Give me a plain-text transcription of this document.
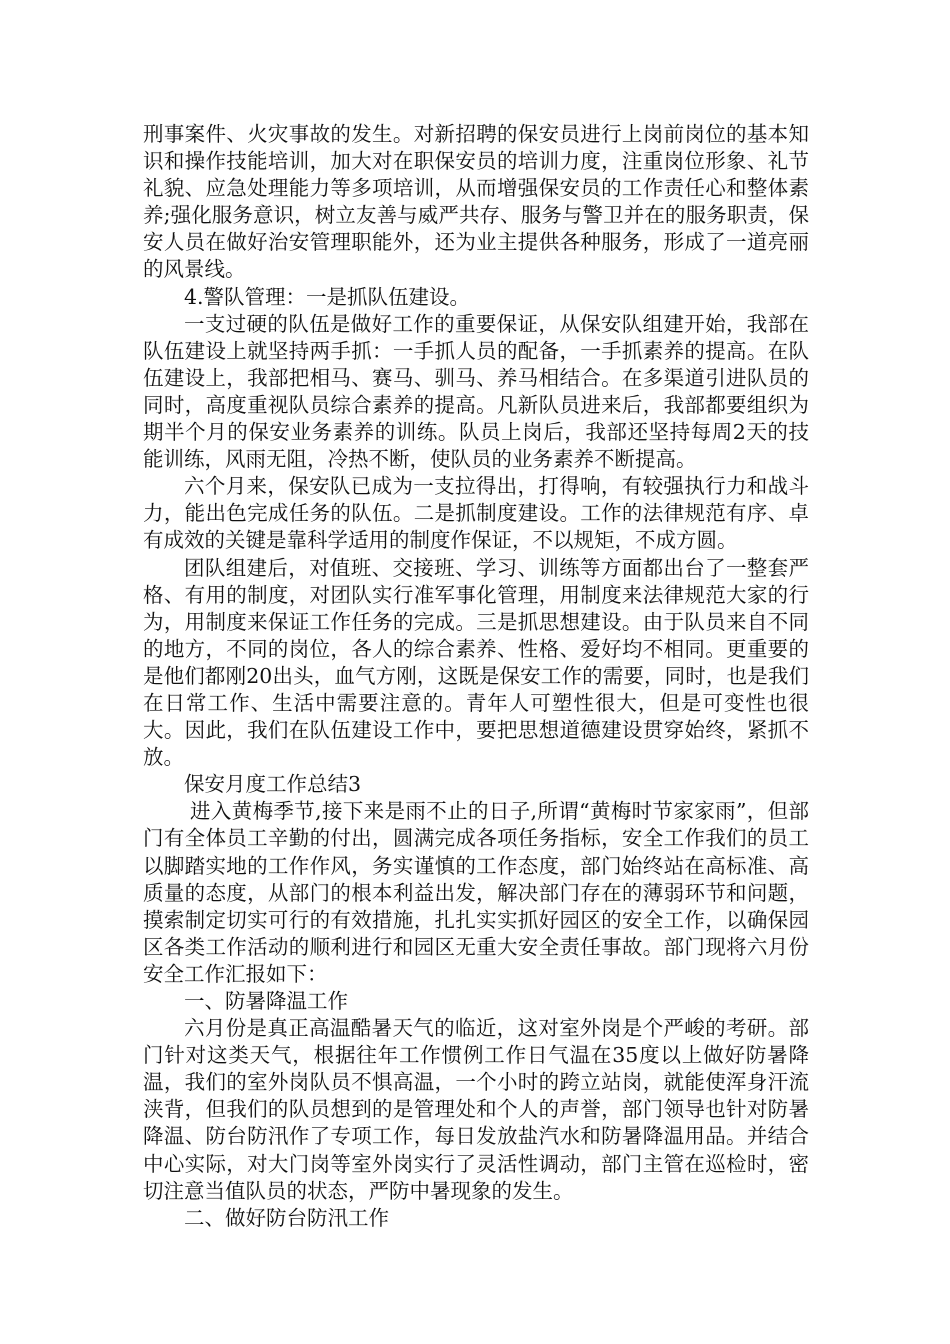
刑事案件、火灾事故的发生。对新招聘的保安员进行上岗前岗位的基本知识和操作技能培训，加大对在职保安员的培训力度，注重岗位形象、礼节礼貌、应急处理能力等多项培训，从而增强保安员的工作责任心和整体素养;强化服务意识，树立友善与威严共存、服务与警卫并在的服务职责，保安人员在做好治安管理职能外，还为业主提供各种服务，形成了一道亮丽的风景线。

4.警队管理：一是抓队伍建设。

一支过硬的队伍是做好工作的重要保证，从保安队组建开始，我部在队伍建设上就坚持两手抓：一手抓人员的配备，一手抓素养的提高。在队伍建设上，我部把相马、赛马、驯马、养马相结合。在多渠道引进队员的同时，高度重视队员综合素养的提高。凡新队员进来后，我部都要组织为期半个月的保安业务素养的训练。队员上岗后，我部还坚持每周2天的技能训练，风雨无阻，冷热不断，使队员的业务素养不断提高。

六个月来，保安队已成为一支拉得出，打得响，有较强执行力和战斗力，能出色完成任务的队伍。二是抓制度建设。工作的法律规范有序、卓有成效的关键是靠科学适用的制度作保证，不以规矩，不成方圆。

团队组建后，对值班、交接班、学习、训练等方面都出台了一整套严格、有用的制度，对团队实行准军事化管理，用制度来法律规范大家的行为，用制度来保证工作任务的完成。三是抓思想建设。由于队员来自不同的地方，不同的岗位，各人的综合素养、性格、爱好均不相同。更重要的是他们都刚20出头，血气方刚，这既是保安工作的需要，同时，也是我们在日常工作、生活中需要注意的。青年人可塑性很大，但是可变性也很大。因此，我们在队伍建设工作中，要把思想道德建设贯穿始终，紧抓不放。

保安月度工作总结3

进入黄梅季节,接下来是雨不止的日子,所谓“黄梅时节家家雨”，但部门有全体员工辛勤的付出，圆满完成各项任务指标，安全工作我们的员工以脚踏实地的工作作风，务实谨慎的工作态度，部门始终站在高标准、高质量的态度，从部门的根本利益出发，解决部门存在的薄弱环节和问题，摸索制定切实可行的有效措施，扎扎实实抓好园区的安全工作，以确保园区各类工作活动的顺利进行和园区无重大安全责任事故。部门现将六月份安全工作汇报如下：

一、防暑降温工作

六月份是真正高温酷暑天气的临近，这对室外岗是个严峻的考研。部门针对这类天气，根据往年工作惯例工作日气温在35度以上做好防暑降温，我们的室外岗队员不惧高温，一个小时的跨立站岗，就能使浑身汗流浃背，但我们的队员想到的是管理处和个人的声誉，部门领导也针对防暑降温、防台防汛作了专项工作，每日发放盐汽水和防暑降温用品。并结合中心实际，对大门岗等室外岗实行了灵活性调动，部门主管在巡检时，密切注意当值队员的状态，严防中暑现象的发生。

二、做好防台防汛工作
